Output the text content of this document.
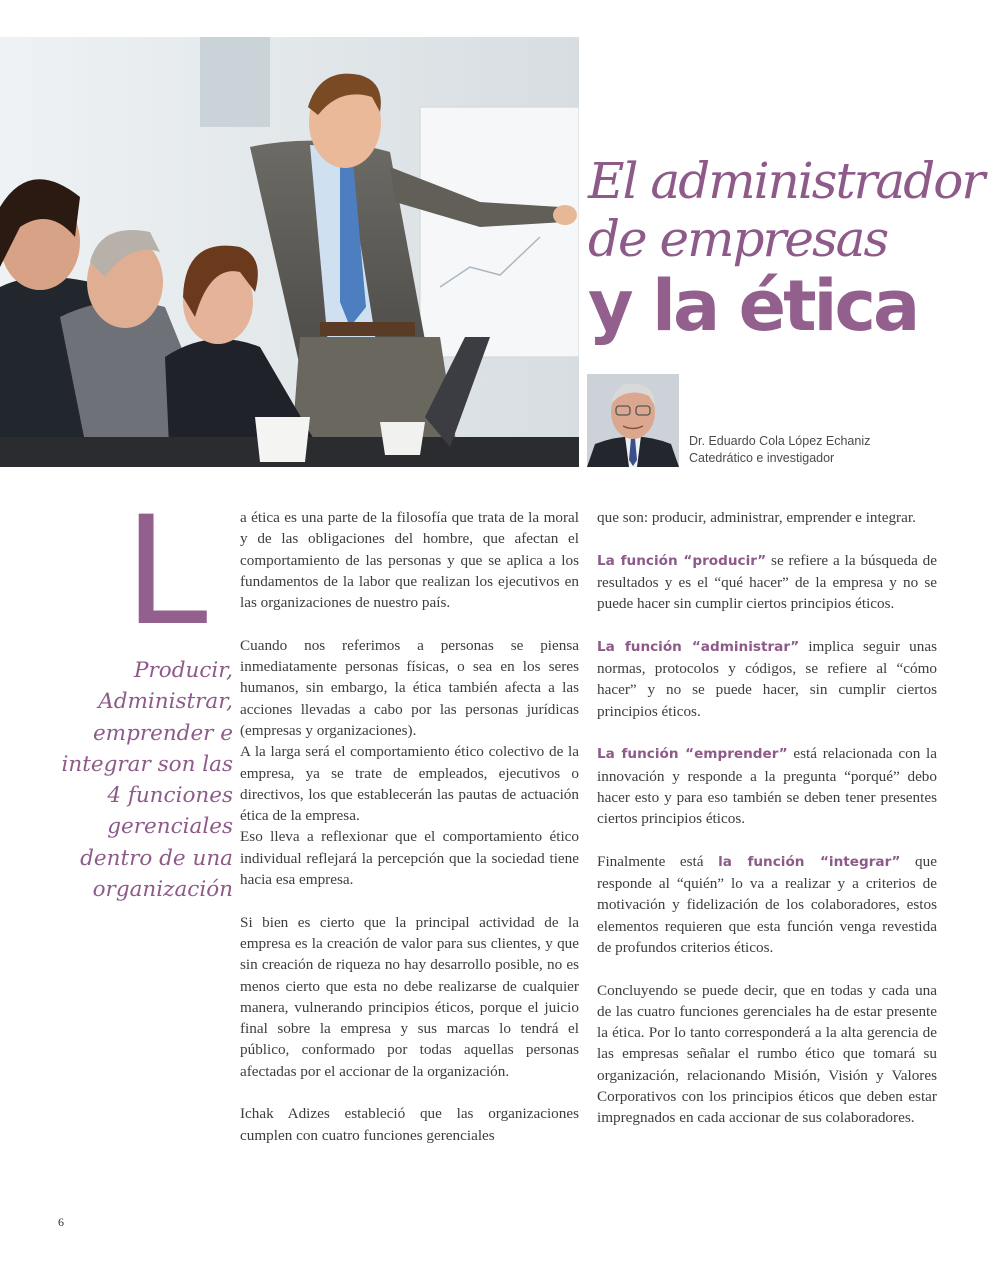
El administrador
de empresas
y la ética
Dr. Eduardo Cola López Echaniz
Catedrático e investigador
L
Producir, Administrar, emprender e integrar son las 4 funciones gerenciales dentro de una organización

a ética es una parte de la filosofía que trata de la moral y de las obligaciones del hombre, que afectan el comportamiento de las personas y que se aplica a los fundamentos de la labor que realizan los ejecutivos en las organizaciones de nuestro país.

Cuando nos referimos a personas se piensa inmediatamente personas físicas, o sea en los seres humanos, sin embargo, la ética también afecta a las acciones llevadas a cabo por las personas jurídicas (empresas y organizaciones).

A la larga será el comportamiento ético colectivo de la empresa, ya se trate de empleados, ejecutivos o directivos, los que establecerán las pautas de actuación ética de la empresa.

Eso lleva a reflexionar que el comportamiento ético individual reflejará la percepción que la sociedad tiene hacia esa empresa.

Si bien es cierto que la principal actividad de la empresa es la creación de valor para sus clientes, y que sin creación de riqueza no hay desarrollo posible, no es menos cierto que esta no debe realizarse de cualquier manera, vulnerando principios éticos, porque el juicio final sobre la empresa y sus marcas lo tendrá el público, conformado por todas aquellas personas afectadas por el accionar de la organización.

Ichak Adizes estableció que las organizaciones cumplen con cuatro funciones gerenciales

que son: producir, administrar, emprender e integrar.

La función “producir” se refiere a la búsqueda de resultados y es el “qué hacer” de la empresa y no se puede hacer sin cumplir ciertos principios éticos.

La función “administrar” implica seguir unas normas, protocolos y códigos, se refiere al “cómo hacer” y no se puede hacer, sin cumplir ciertos principios éticos.

La función “emprender” está relacionada con la innovación y responde a la pregunta “porqué” debo hacer esto y para eso también se deben tener presentes ciertos principios éticos.

Finalmente está la función “integrar” que responde al “quién” lo va a realizar y a criterios de motivación y fidelización de los colaboradores, estos elementos requieren que esta función venga revestida de profundos criterios éticos.

Concluyendo se puede decir, que en todas y cada una de las cuatro funciones gerenciales ha de estar presente la ética. Por lo tanto corresponderá a la alta gerencia de las empresas señalar el rumbo ético que tomará su organización, relacionando Misión, Visión y Valores Corporativos con los principios éticos que deben estar impregnados en cada accionar de sus colaboradores.

6
